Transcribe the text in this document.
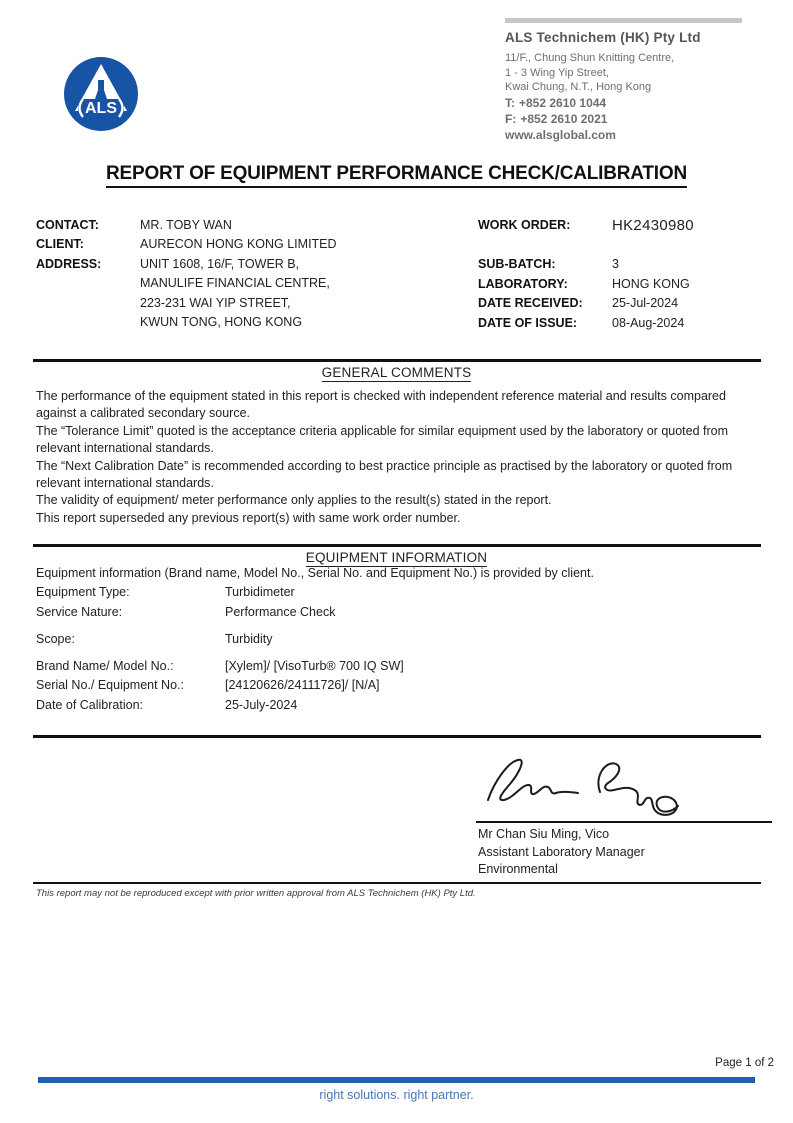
ALS Technichem (HK) Pty Ltd
11/F., Chung Shun Knitting Centre,
1 - 3 Wing Yip Street,
Kwai Chung, N.T., Hong Kong
T: +852 2610 1044
F: +852 2610 2021
www.alsglobal.com
ALS
REPORT OF EQUIPMENT PERFORMANCE CHECK/CALIBRATION
CONTACT:	MR. TOBY WAN
CLIENT:	AURECON HONG KONG LIMITED
ADDRESS:	UNIT 1608, 16/F, TOWER B,
MANULIFE FINANCIAL CENTRE,
223-231 WAI YIP STREET,
KWUN TONG, HONG KONG
WORK ORDER:	HK2430980
SUB-BATCH:	3
LABORATORY:	HONG KONG
DATE RECEIVED:	25-Jul-2024
DATE OF ISSUE:	08-Aug-2024
GENERAL COMMENTS
The performance of the equipment stated in this report is checked with independent reference material and results compared against a calibrated secondary source.
The “Tolerance Limit” quoted is the acceptance criteria applicable for similar equipment used by the laboratory or quoted from relevant international standards.
The “Next Calibration Date” is recommended according to best practice principle as practised by the laboratory or quoted from relevant international standards.
The validity of equipment/ meter performance only applies to the result(s) stated in the report.
This report superseded any previous report(s) with same work order number.
EQUIPMENT INFORMATION
Equipment information (Brand name, Model No., Serial No. and Equipment No.) is provided by client.
Equipment Type:	Turbidimeter
Service Nature:	Performance Check
Scope:	Turbidity
Brand Name/ Model No.:	[Xylem]/ [VisoTurb® 700 IQ SW]
Serial No./ Equipment No.:	[24120626/24111726]/ [N/A]
Date of Calibration:	25-July-2024
Mr Chan Siu Ming, Vico
Assistant Laboratory Manager
Environmental
This report may not be reproduced except with prior written approval from ALS Technichem (HK) Pty Ltd.
Page 1 of 2
right solutions. right partner.
